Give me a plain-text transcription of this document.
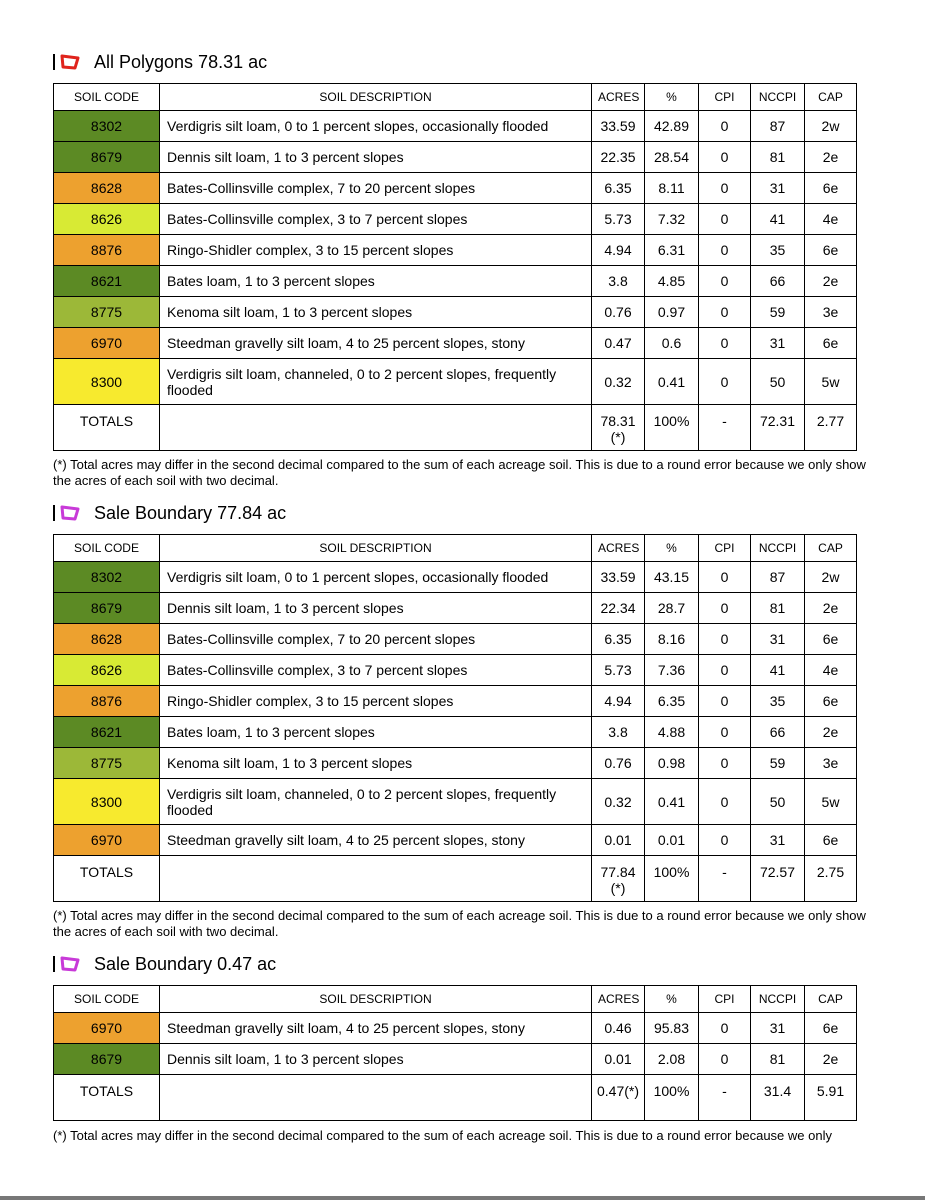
All Polygons 78.31 ac
SOIL CODE	SOIL DESCRIPTION	ACRES	%	CPI	NCCPI	CAP
8302	Verdigris silt loam, 0 to 1 percent slopes, occasionally flooded	33.59	42.89	0	87	2w
8679	Dennis silt loam, 1 to 3 percent slopes	22.35	28.54	0	81	2e
8628	Bates-Collinsville complex, 7 to 20 percent slopes	6.35	8.11	0	31	6e
8626	Bates-Collinsville complex, 3 to 7 percent slopes	5.73	7.32	0	41	4e
8876	Ringo-Shidler complex, 3 to 15 percent slopes	4.94	6.31	0	35	6e
8621	Bates loam, 1 to 3 percent slopes	3.8	4.85	0	66	2e
8775	Kenoma silt loam, 1 to 3 percent slopes	0.76	0.97	0	59	3e
6970	Steedman gravelly silt loam, 4 to 25 percent slopes, stony	0.47	0.6	0	31	6e
8300	Verdigris silt loam, channeled, 0 to 2 percent slopes, frequently flooded	0.32	0.41	0	50	5w
TOTALS		78.31(*)	100%	-	72.31	2.77
(*) Total acres may differ in the second decimal compared to the sum of each acreage soil. This is due to a round error because we only show the acres of each soil with two decimal.
Sale Boundary 77.84 ac
SOIL CODE	SOIL DESCRIPTION	ACRES	%	CPI	NCCPI	CAP
8302	Verdigris silt loam, 0 to 1 percent slopes, occasionally flooded	33.59	43.15	0	87	2w
8679	Dennis silt loam, 1 to 3 percent slopes	22.34	28.7	0	81	2e
8628	Bates-Collinsville complex, 7 to 20 percent slopes	6.35	8.16	0	31	6e
8626	Bates-Collinsville complex, 3 to 7 percent slopes	5.73	7.36	0	41	4e
8876	Ringo-Shidler complex, 3 to 15 percent slopes	4.94	6.35	0	35	6e
8621	Bates loam, 1 to 3 percent slopes	3.8	4.88	0	66	2e
8775	Kenoma silt loam, 1 to 3 percent slopes	0.76	0.98	0	59	3e
8300	Verdigris silt loam, channeled, 0 to 2 percent slopes, frequently flooded	0.32	0.41	0	50	5w
6970	Steedman gravelly silt loam, 4 to 25 percent slopes, stony	0.01	0.01	0	31	6e
TOTALS		77.84(*)	100%	-	72.57	2.75
(*) Total acres may differ in the second decimal compared to the sum of each acreage soil. This is due to a round error because we only show the acres of each soil with two decimal.
Sale Boundary 0.47 ac
SOIL CODE	SOIL DESCRIPTION	ACRES	%	CPI	NCCPI	CAP
6970	Steedman gravelly silt loam, 4 to 25 percent slopes, stony	0.46	95.83	0	31	6e
8679	Dennis silt loam, 1 to 3 percent slopes	0.01	2.08	0	81	2e
TOTALS		0.47(*)	100%	-	31.4	5.91
(*) Total acres may differ in the second decimal compared to the sum of each acreage soil. This is due to a round error because we only
